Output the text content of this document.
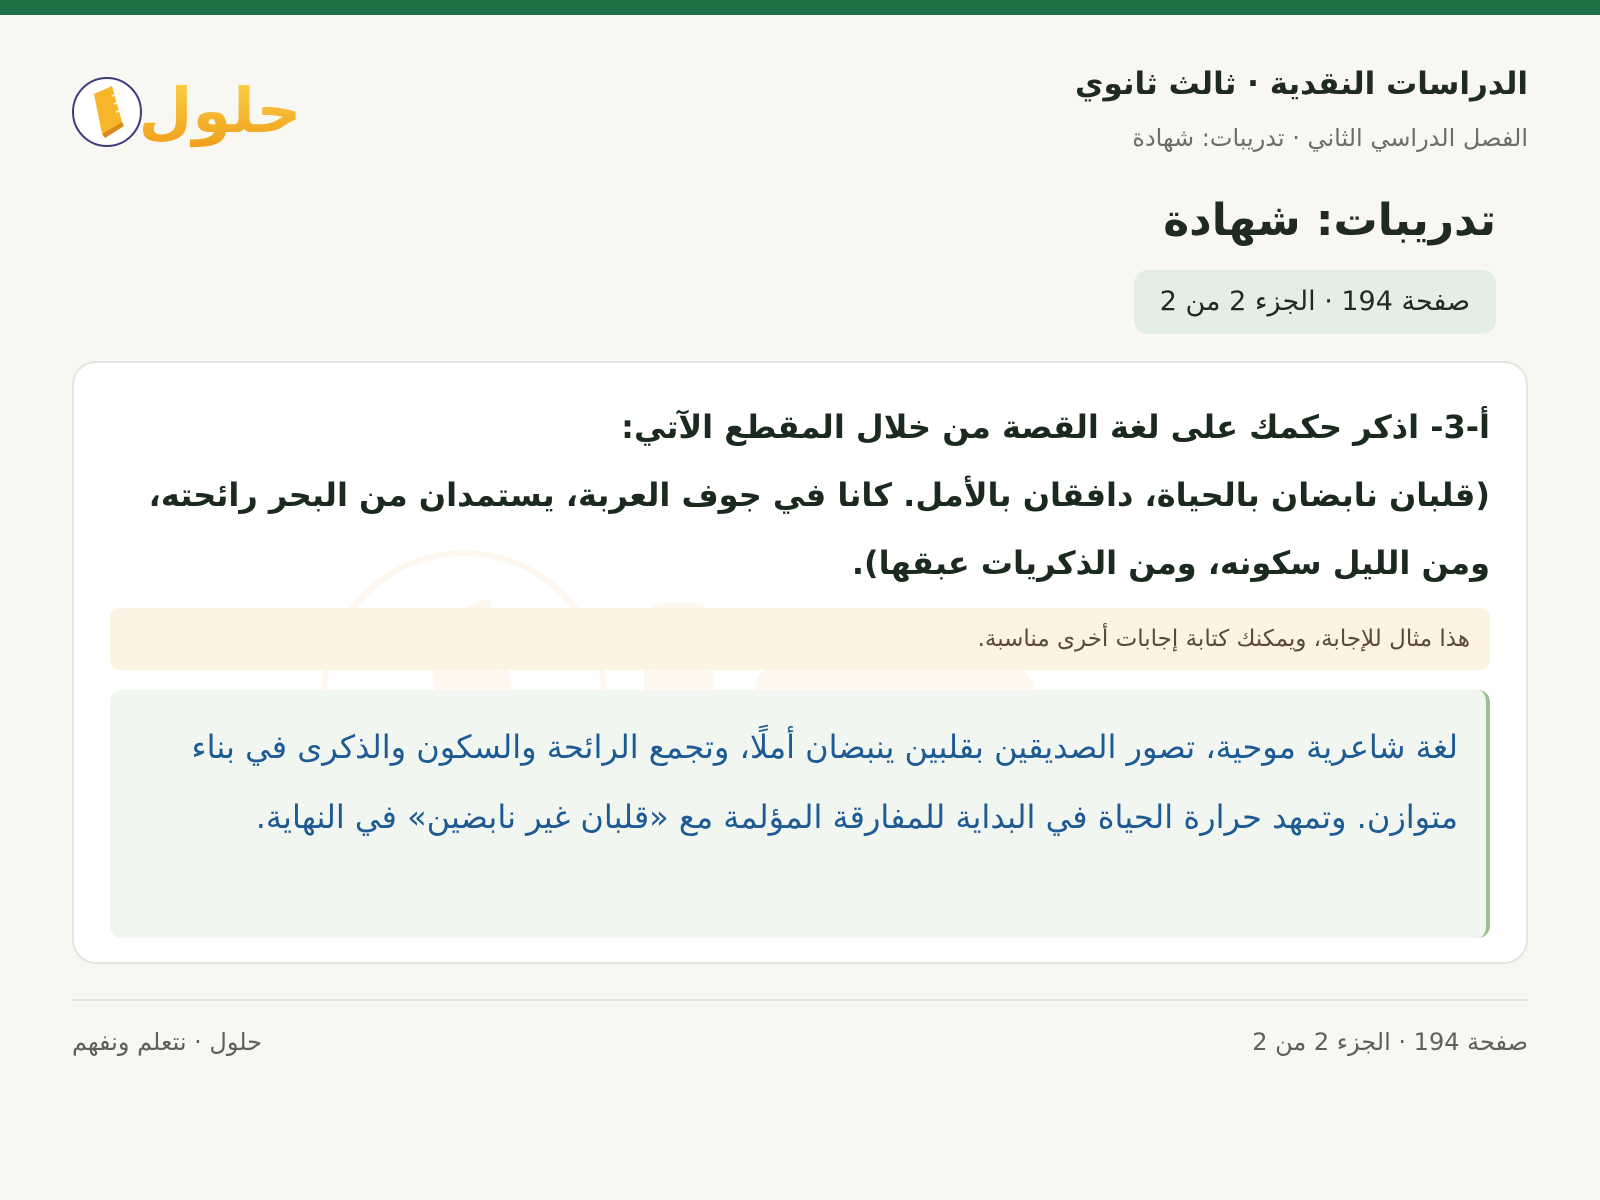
الدراسات النقدية · ثالث ثانوي
الفصل الدراسي الثاني · تدريبات: شهادة
حلول
تدريبات: شهادة
صفحة 194 · الجزء 2 من 2
أ-3- اذكر حكمك على لغة القصة من خلال المقطع الآتي:
(قلبان نابضان بالحياة، دافقان بالأمل. كانا في جوف العربة، يستمدان من البحر رائحته، ومن الليل سكونه، ومن الذكريات عبقها).
هذا مثال للإجابة، ويمكنك كتابة إجابات أخرى مناسبة.
لغة شاعرية موحية، تصور الصديقين بقلبين ينبضان أملًا، وتجمع الرائحة والسكون والذكرى في بناء متوازن. وتمهد حرارة الحياة في البداية للمفارقة المؤلمة مع «قلبان غير نابضين» في النهاية.
صفحة 194 · الجزء 2 من 2
حلول · نتعلم ونفهم
